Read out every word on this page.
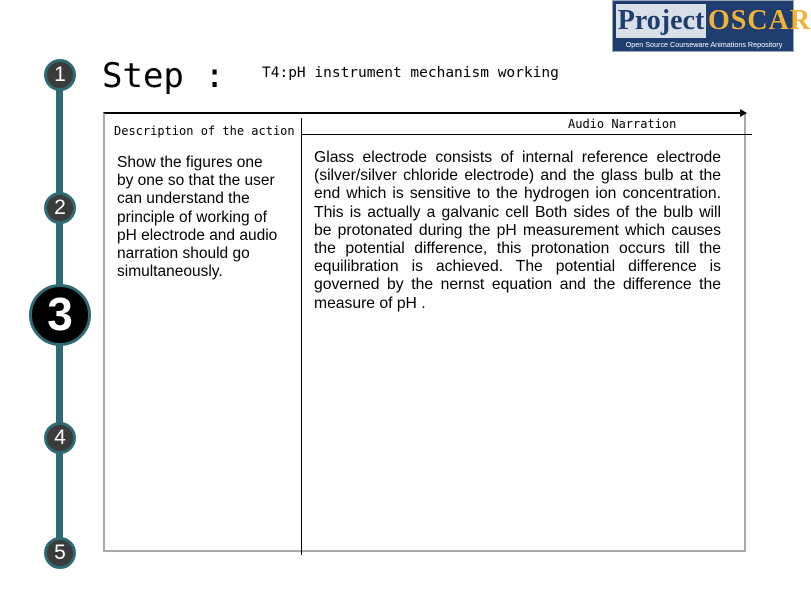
Project OSCAR
Open Source Courseware Animations Repository
1
2
3
4
5
Step :	T4:pH instrument mechanism working
Description of the action	Audio Narration
Show the figures one by one so that the user can understand the principle of working of pH electrode and audio narration should go simultaneously.
Glass electrode consists of internal reference electrode (silver/silver chloride electrode) and the glass bulb at the end which is sensitive to the hydrogen ion concentration. This is actually a galvanic cell Both sides of the bulb will be protonated during the pH measurement which causes the potential difference, this protonation occurs till the equilibration is achieved. The potential difference is governed by the nernst equation and the difference the measure of pH .
